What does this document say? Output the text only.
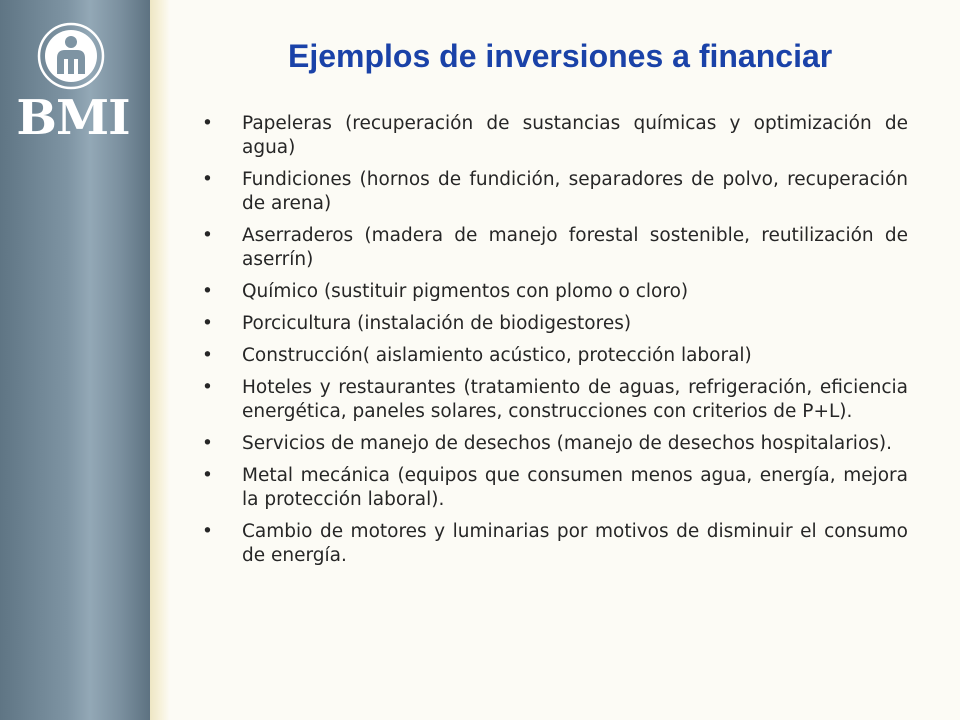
BMI
Ejemplos de inversiones a financiar
•	Papeleras (recuperación de sustancias químicas y optimización de agua)
•	Fundiciones (hornos de fundición, separadores de polvo, recuperación de arena)
•	Aserraderos (madera de manejo forestal sostenible, reutilización de aserrín)
•	Químico (sustituir pigmentos con plomo o cloro)
•	Porcicultura (instalación de biodigestores)
•	Construcción( aislamiento acústico, protección laboral)
•	Hoteles y restaurantes (tratamiento de aguas, refrigeración, eficiencia energética, paneles solares, construcciones con criterios de P+L).
•	Servicios de manejo de desechos (manejo de desechos hospitalarios).
•	Metal mecánica (equipos que consumen menos agua, energía, mejora la protección laboral).
•	Cambio de motores y luminarias por motivos de disminuir el consumo de energía.
